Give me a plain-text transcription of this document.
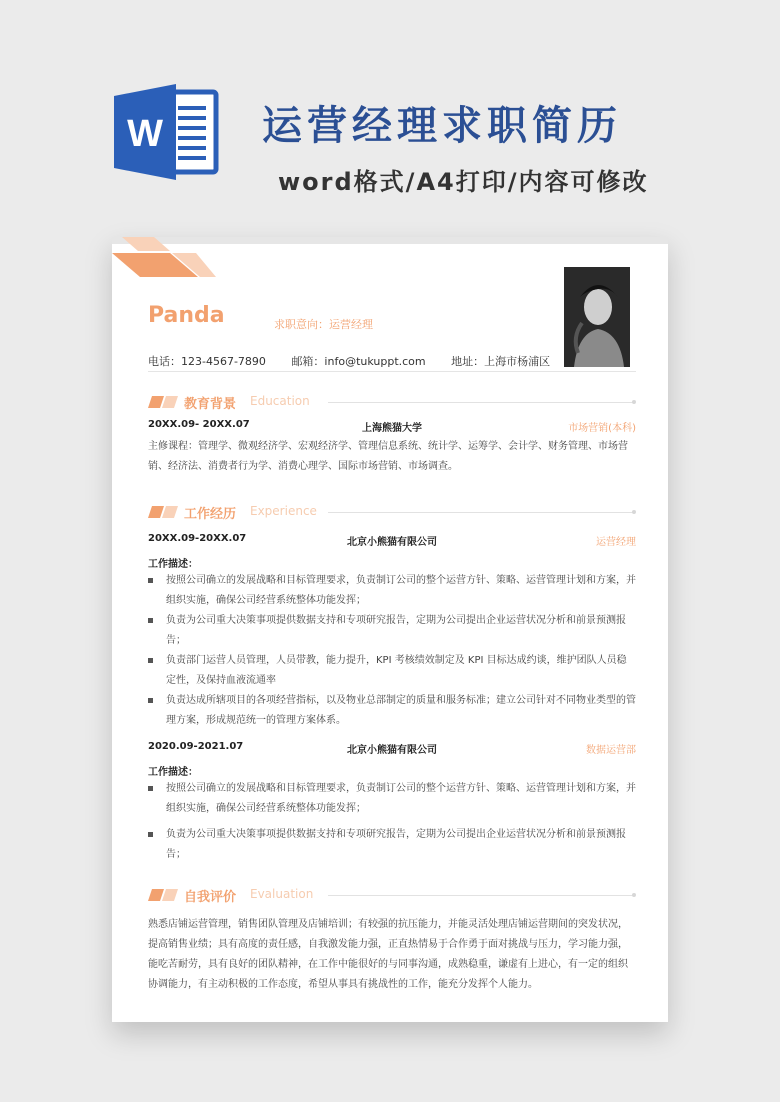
W 运营经理求职简历
word格式/A4打印/内容可修改
Panda	求职意向：运营经理
电话：123-4567-7890 邮箱：info@tukuppt.com 地址：上海市杨浦区
教育背景 Education
20XX.09- 20XX.07	上海熊猫大学	市场营销(本科)
主修课程：管理学、微观经济学、宏观经济学、管理信息系统、统计学、运筹学、会计学、财务管理、市场营销、经济法、消费者行为学、消费心理学、国际市场营销、市场调查。
工作经历 Experience
20XX.09-20XX.07	北京小熊猫有限公司	运营经理
工作描述：
按照公司确立的发展战略和目标管理要求，负责制订公司的整个运营方针、策略、运营管理计划和方案，并组织实施，确保公司经营系统整体功能发挥；
负责为公司重大决策事项提供数据支持和专项研究报告，定期为公司提出企业运营状况分析和前景预测报告；
负责部门运营人员管理，人员带教，能力提升，KPI 考核绩效制定及 KPI 目标达成约谈，维护团队人员稳定性，及保持血液流通率
负责达成所辖项目的各项经营指标，以及物业总部制定的质量和服务标准；建立公司针对不同物业类型的管理方案，形成规范统一的管理方案体系。
2020.09-2021.07	北京小熊猫有限公司	数据运营部
工作描述：
按照公司确立的发展战略和目标管理要求，负责制订公司的整个运营方针、策略、运营管理计划和方案，并组织实施，确保公司经营系统整体功能发挥；
负责为公司重大决策事项提供数据支持和专项研究报告，定期为公司提出企业运营状况分析和前景预测报告；
自我评价 Evaluation
熟悉店铺运营管理，销售团队管理及店铺培训；有较强的抗压能力，并能灵活处理店铺运营期间的突发状况，提高销售业绩；具有高度的责任感，自我激发能力强，正直热情易于合作勇于面对挑战与压力，学习能力强，能吃苦耐劳，具有良好的团队精神，在工作中能很好的与同事沟通，成熟稳重，谦虚有上进心，有一定的组织协调能力，有主动积极的工作态度，希望从事具有挑战性的工作，能充分发挥个人能力。
